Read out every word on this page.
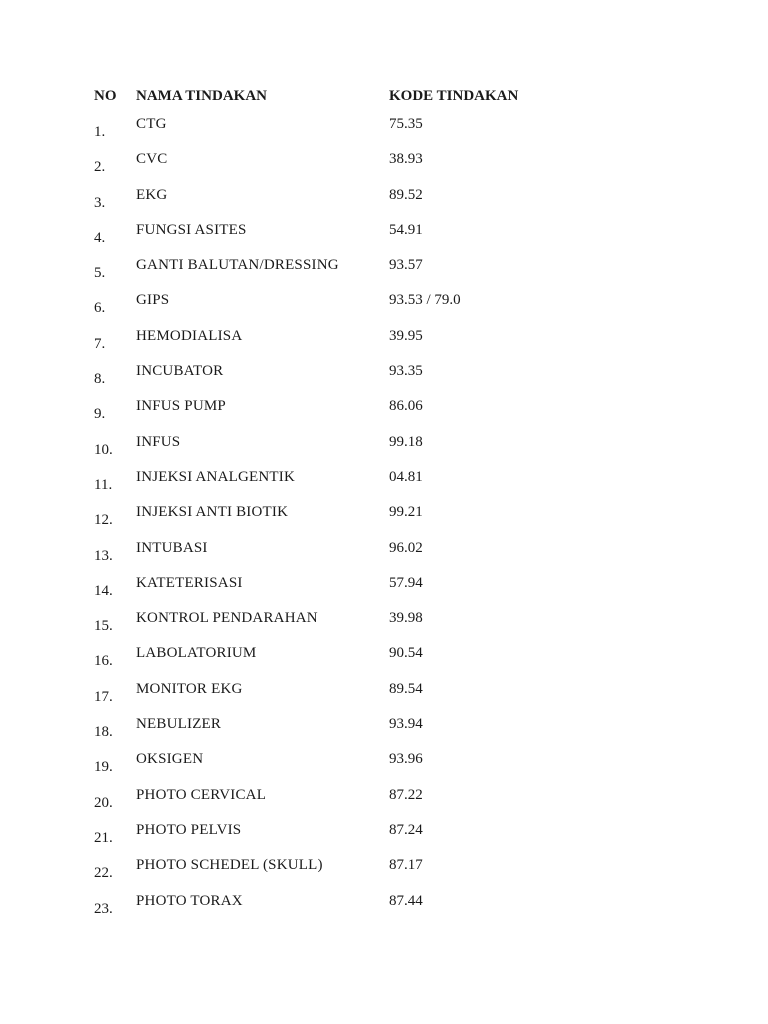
NO NAMA TINDAKAN	KODE TINDAKAN
1. CTG	75.35
2. CVC	38.93
3. EKG	89.52
4. FUNGSI ASITES	54.91
5. GANTI BALUTAN/DRESSING	93.57
6. GIPS	93.53 / 79.0
7. HEMODIALISA	39.95
8. INCUBATOR	93.35
9. INFUS PUMP	86.06
10. INFUS	99.18
11. INJEKSI ANALGENTIK	04.81
12. INJEKSI ANTI BIOTIK	99.21
13. INTUBASI	96.02
14. KATETERISASI	57.94
15. KONTROL PENDARAHAN	39.98
16. LABOLATORIUM	90.54
17. MONITOR EKG	89.54
18. NEBULIZER	93.94
19. OKSIGEN	93.96
20. PHOTO CERVICAL	87.22
21. PHOTO PELVIS	87.24
22. PHOTO SCHEDEL (SKULL)	87.17
23. PHOTO TORAX	87.44
